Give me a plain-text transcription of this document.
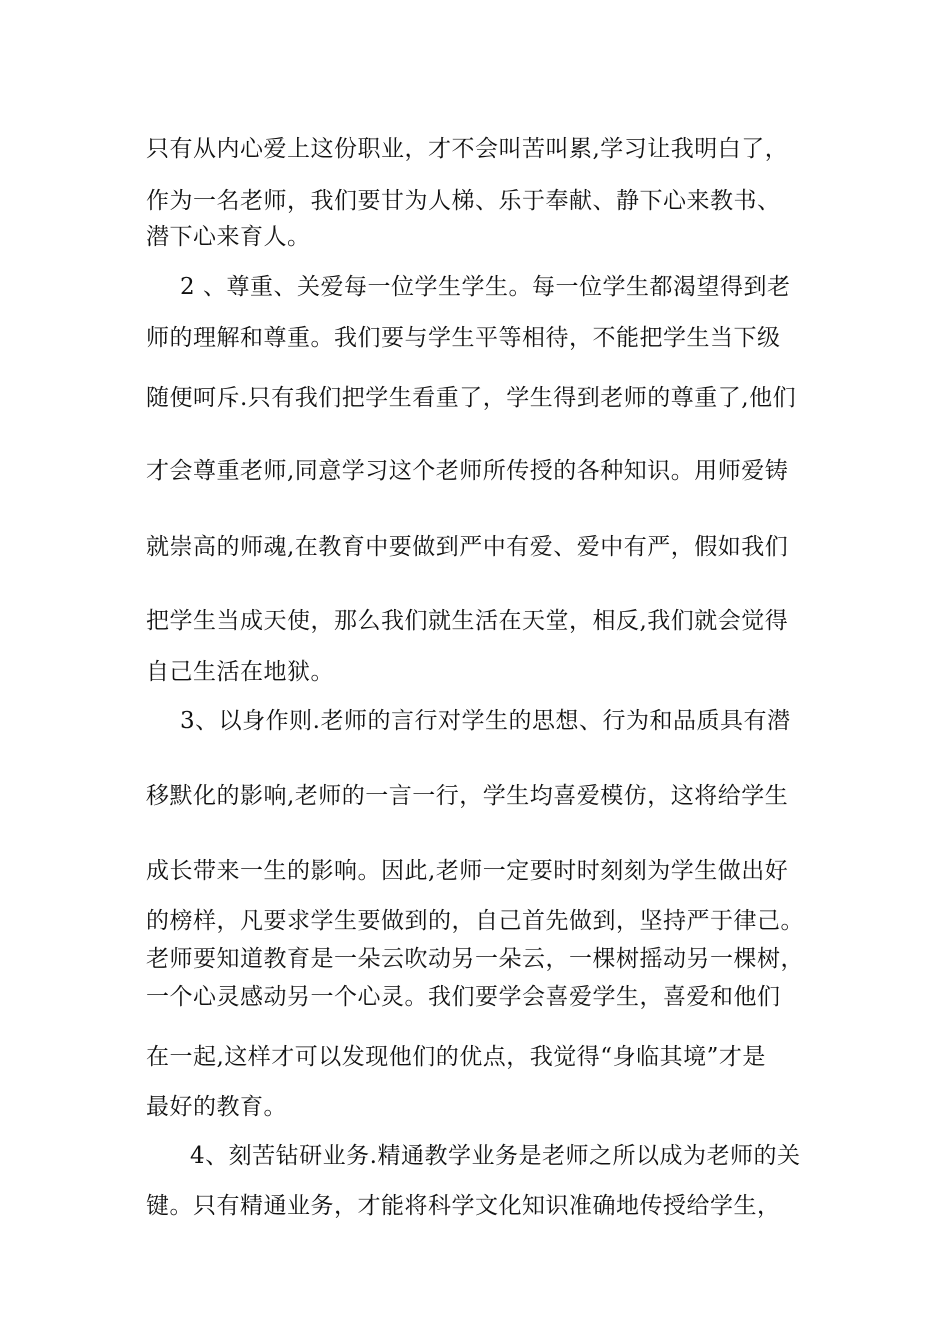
只有从内心爱上这份职业，才不会叫苦叫累,学习让我明白了，
作为一名老师，我们要甘为人梯、乐于奉献、静下心来教书、
潜下心来育人。
2 、尊重、关爱每一位学生学生。每一位学生都渴望得到老
师的理解和尊重。我们要与学生平等相待，不能把学生当下级
随便呵斥.只有我们把学生看重了，学生得到老师的尊重了,他们
才会尊重老师,同意学习这个老师所传授的各种知识。用师爱铸
就崇高的师魂,在教育中要做到严中有爱、爱中有严，假如我们
把学生当成天使，那么我们就生活在天堂，相反,我们就会觉得
自己生活在地狱。
3、以身作则.老师的言行对学生的思想、行为和品质具有潜
移默化的影响,老师的一言一行，学生均喜爱模仿，这将给学生
成长带来一生的影响。因此,老师一定要时时刻刻为学生做出好
的榜样，凡要求学生要做到的，自己首先做到，坚持严于律己。
老师要知道教育是一朵云吹动另一朵云，一棵树摇动另一棵树，
一个心灵感动另一个心灵。我们要学会喜爱学生，喜爱和他们
在一起,这样才可以发现他们的优点，我觉得“身临其境”才是
最好的教育。
4、刻苦钻研业务.精通教学业务是老师之所以成为老师的关
键。只有精通业务，才能将科学文化知识准确地传授给学生，
